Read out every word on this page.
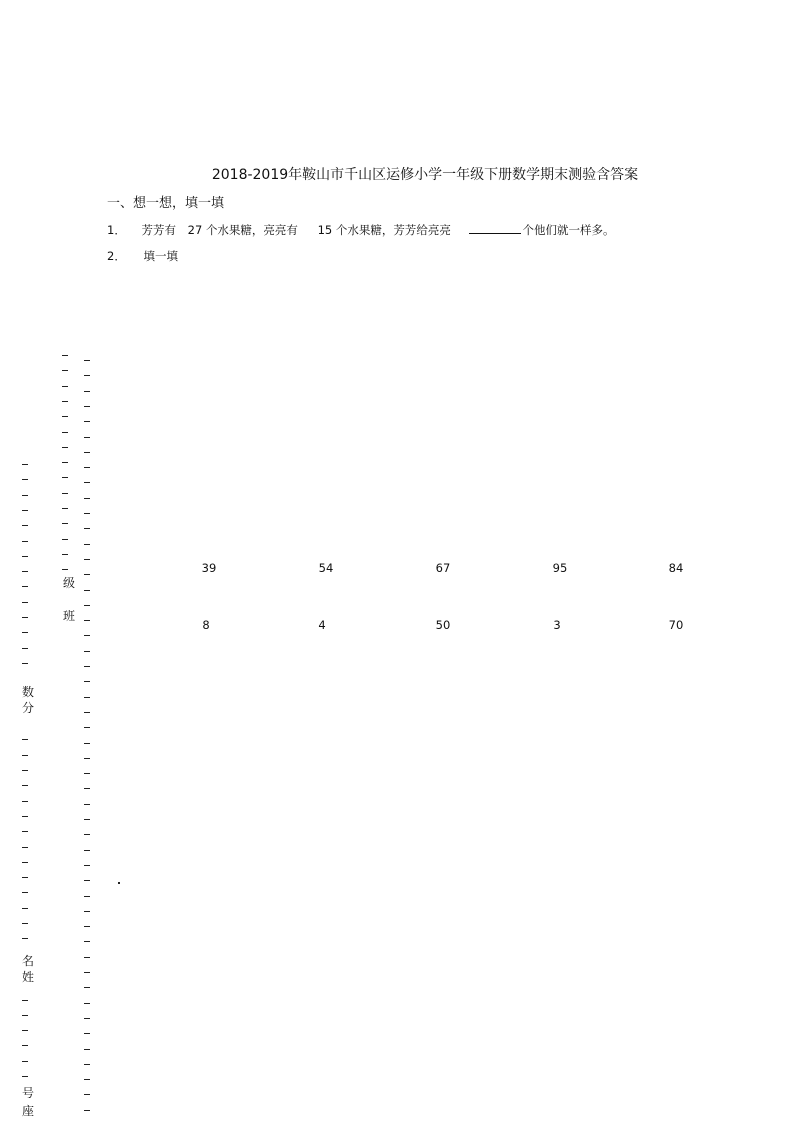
2018-2019年鞍山市千山区运修小学一年级下册数学期末测验含答案
一、想一想，填一填
1． 芳芳有 27 个水果糖，亮亮有 15 个水果糖，芳芳给亮亮	个他们就一样多。
2． 填一填
39	54	67	95	84
8	4	50	3	70
级
班
数
分
名
姓
号
座
